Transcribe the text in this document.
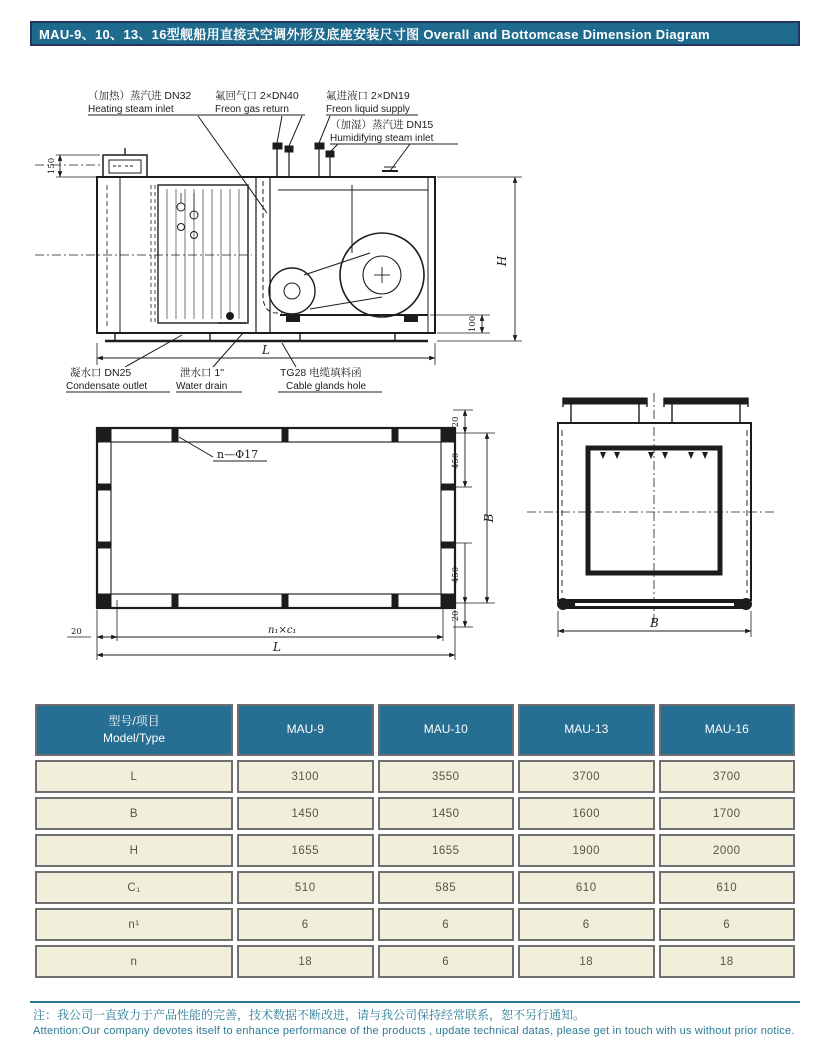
MAU-9、10、13、16型舰船用直接式空调外形及底座安装尺寸图 Overall and Bottomcase Dimension Diagram
（加热）蒸汽进 DN32
Heating steam inlet
氟回气口 2×DN40
Freon gas return
氟进液口 2×DN19
Freon liquid supply
（加湿）蒸汽进 DN15
Humidifying steam inlet
H
100
150
L
凝水口 DN25
Condensate outlet
泄水口 1"
Water drain
TG28 电缆填料函
Cable glands hole
n—Φ17
20
450
B
450
20
20	n₁×c₁
L
B
型号/项目
Model/Type
MAU-9	MAU-10	MAU-13	MAU-16
L	3100	3550	3700	3700
B	1450	1450	1600	1700
H	1655	1655	1900	2000
C₁	510	585	610	610
n¹	6	6	6	6
n	18	6	18	18
注：我公司一直致力于产品性能的完善，技术数据不断改进，请与我公司保持经常联系，恕不另行通知。
Attention:Our company devotes itself to enhance performance of the products , update technical datas, please get in touch with us without prior notice.
